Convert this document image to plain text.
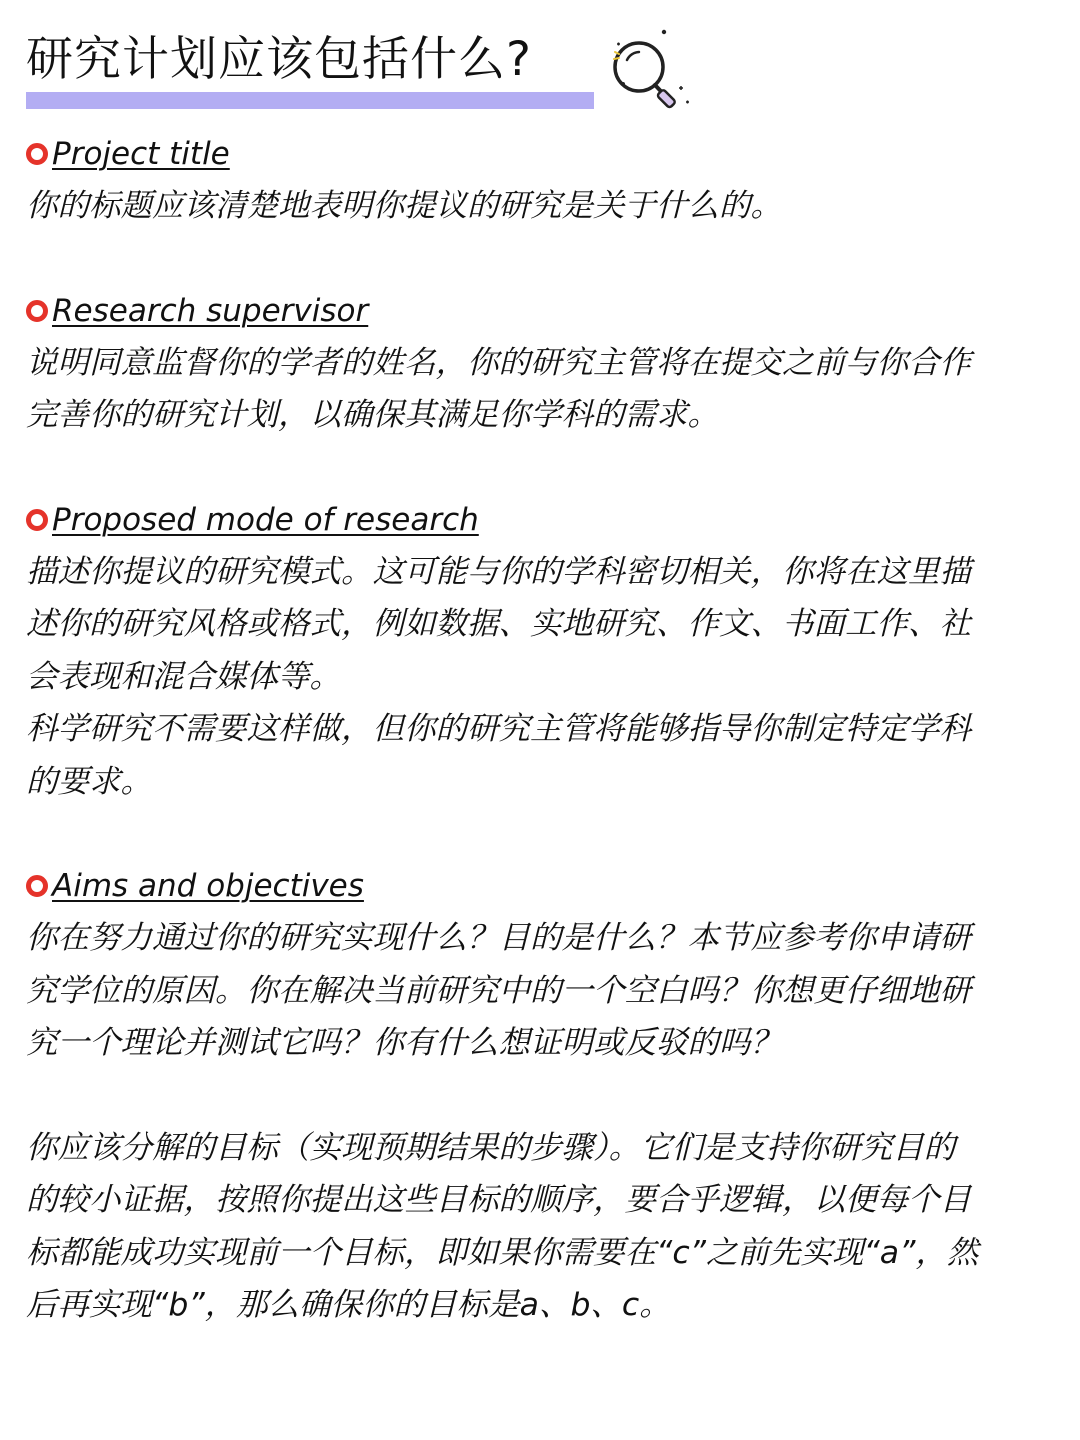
研究计划应该包括什么?
Project title

你的标题应该清楚地表明你提议的研究是关于什么的。

Research supervisor

说明同意监督你的学者的姓名，你的研究主管将在提交之前与你合作
完善你的研究计划，以确保其满足你学科的需求。

Proposed mode of research

描述你提议的研究模式。这可能与你的学科密切相关，你将在这里描
述你的研究风格或格式，例如数据、实地研究、作文、书面工作、社
会表现和混合媒体等。

科学研究不需要这样做，但你的研究主管将能够指导你制定特定学科
的要求。

Aims and objectives

你在努力通过你的研究实现什么？目的是什么？本节应参考你申请研
究学位的原因。你在解决当前研究中的一个空白吗？你想更仔细地研
究一个理论并测试它吗？你有什么想证明或反驳的吗？

你应该分解的目标（实现预期结果的步骤）。它们是支持你研究目的
的较小证据，按照你提出这些目标的顺序，要合乎逻辑，以便每个目
标都能成功实现前一个目标，即如果你需要在“c”之前先实现“a”，然
后再实现“b”，那么确保你的目标是a、b、c。
